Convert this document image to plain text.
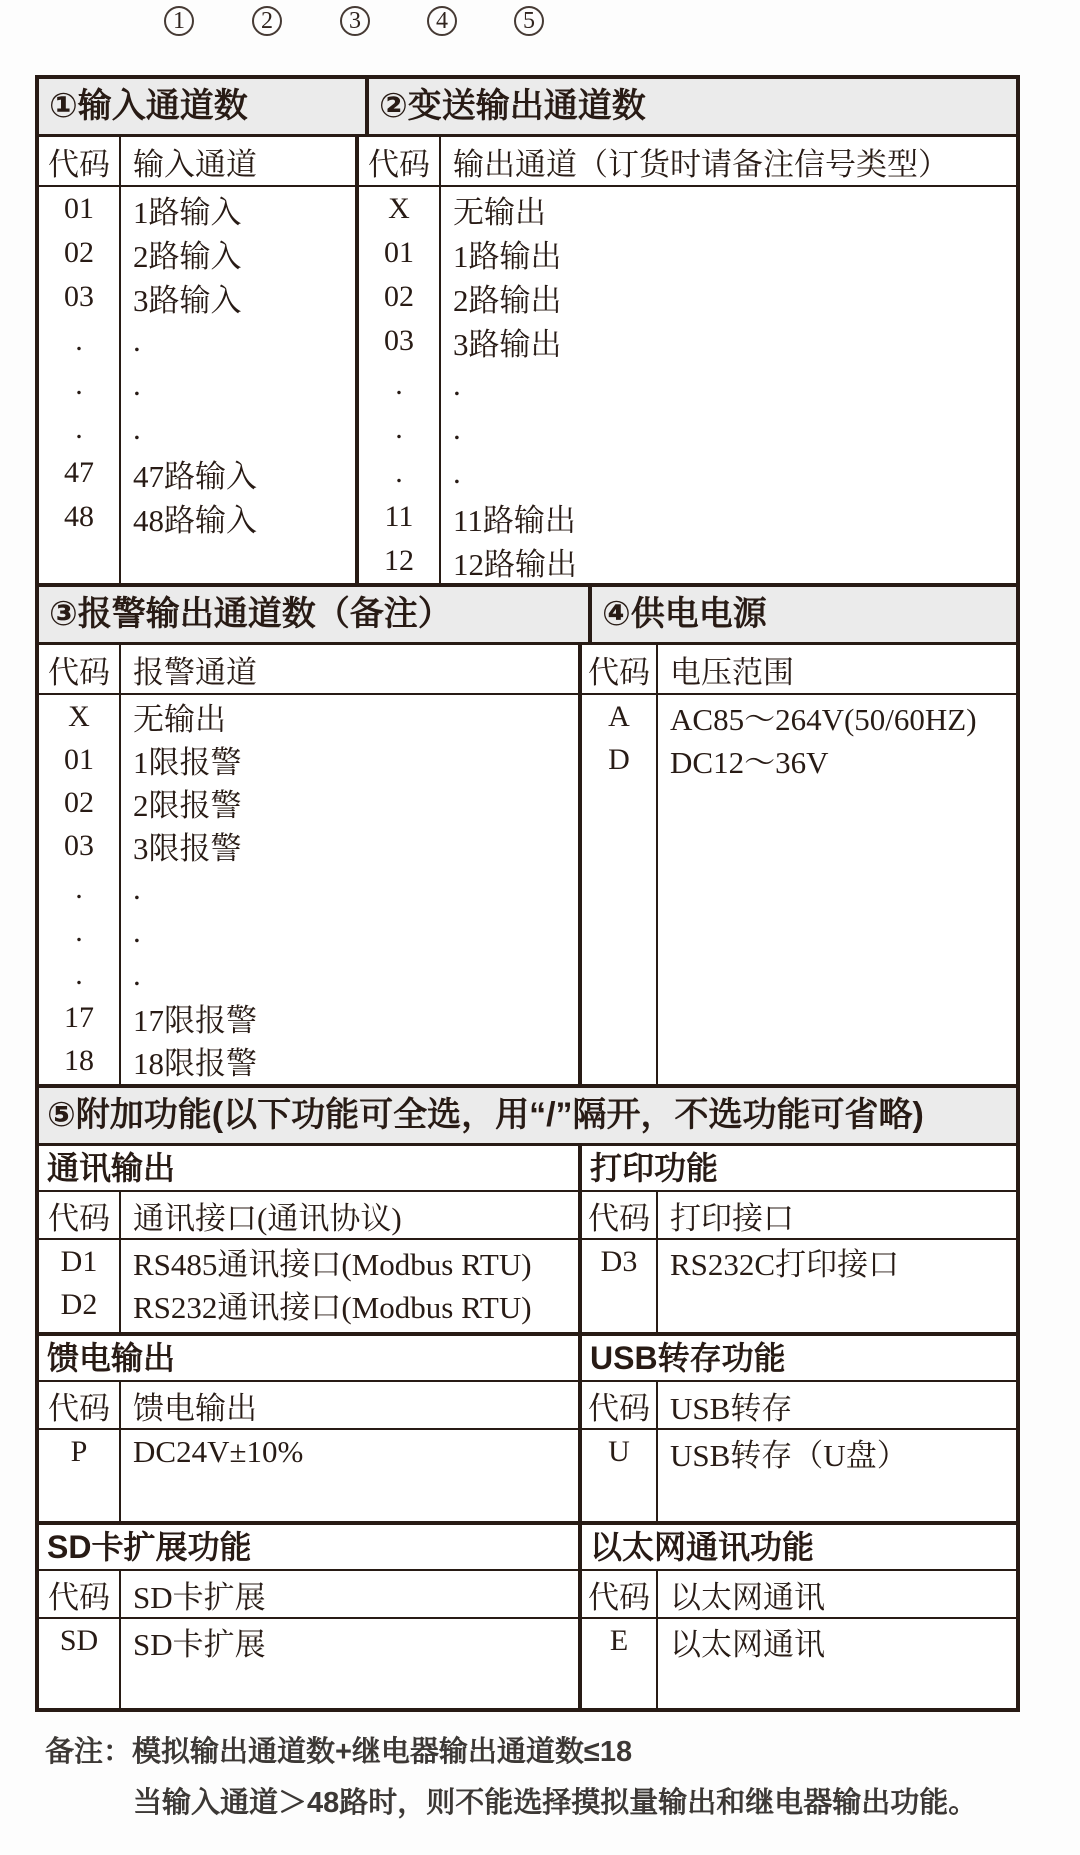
1	2	3	4	5
①输入通道数	②变送输出通道数
代码 输入通道
01	1路输入
02	2路输入
03	3路输入
.	.
.	.
.	.
47	47路输入
48	48路输入
代码 输出通道（订货时请备注信号类型）
X	无输出
01	1路输出
02	2路输出
03	3路输出
.	.
.	.
.	.
11	11路输出
12	12路输出
③报警输出通道数（备注）	④供电电源
代码 报警通道
X	无输出
01	1限报警
02	2限报警
03	3限报警
.	.
.	.
.	.
17	17限报警
18	18限报警
代码 电压范围
A	AC85～264V(50/60HZ)
D	DC12～36V
⑤附加功能(以下功能可全选，用“/”隔开，不选功能可省略)
通讯输出
代码 通讯接口(通讯协议)
D1	RS485通讯接口(Modbus RTU)
D2	RS232通讯接口(Modbus RTU)
打印功能
代码 打印接口
D3	RS232C打印接口
馈电输出
代码 馈电输出
P	DC24V±10%
USB转存功能
代码 USB转存
U	USB转存（U盘）
SD卡扩展功能
代码 SD卡扩展
SD	SD卡扩展
以太网通讯功能
代码 以太网通讯
E	以太网通讯
备注：模拟输出通道数+继电器输出通道数≤18
当输入通道＞48路时，则不能选择摸拟量输出和继电器输出功能。
